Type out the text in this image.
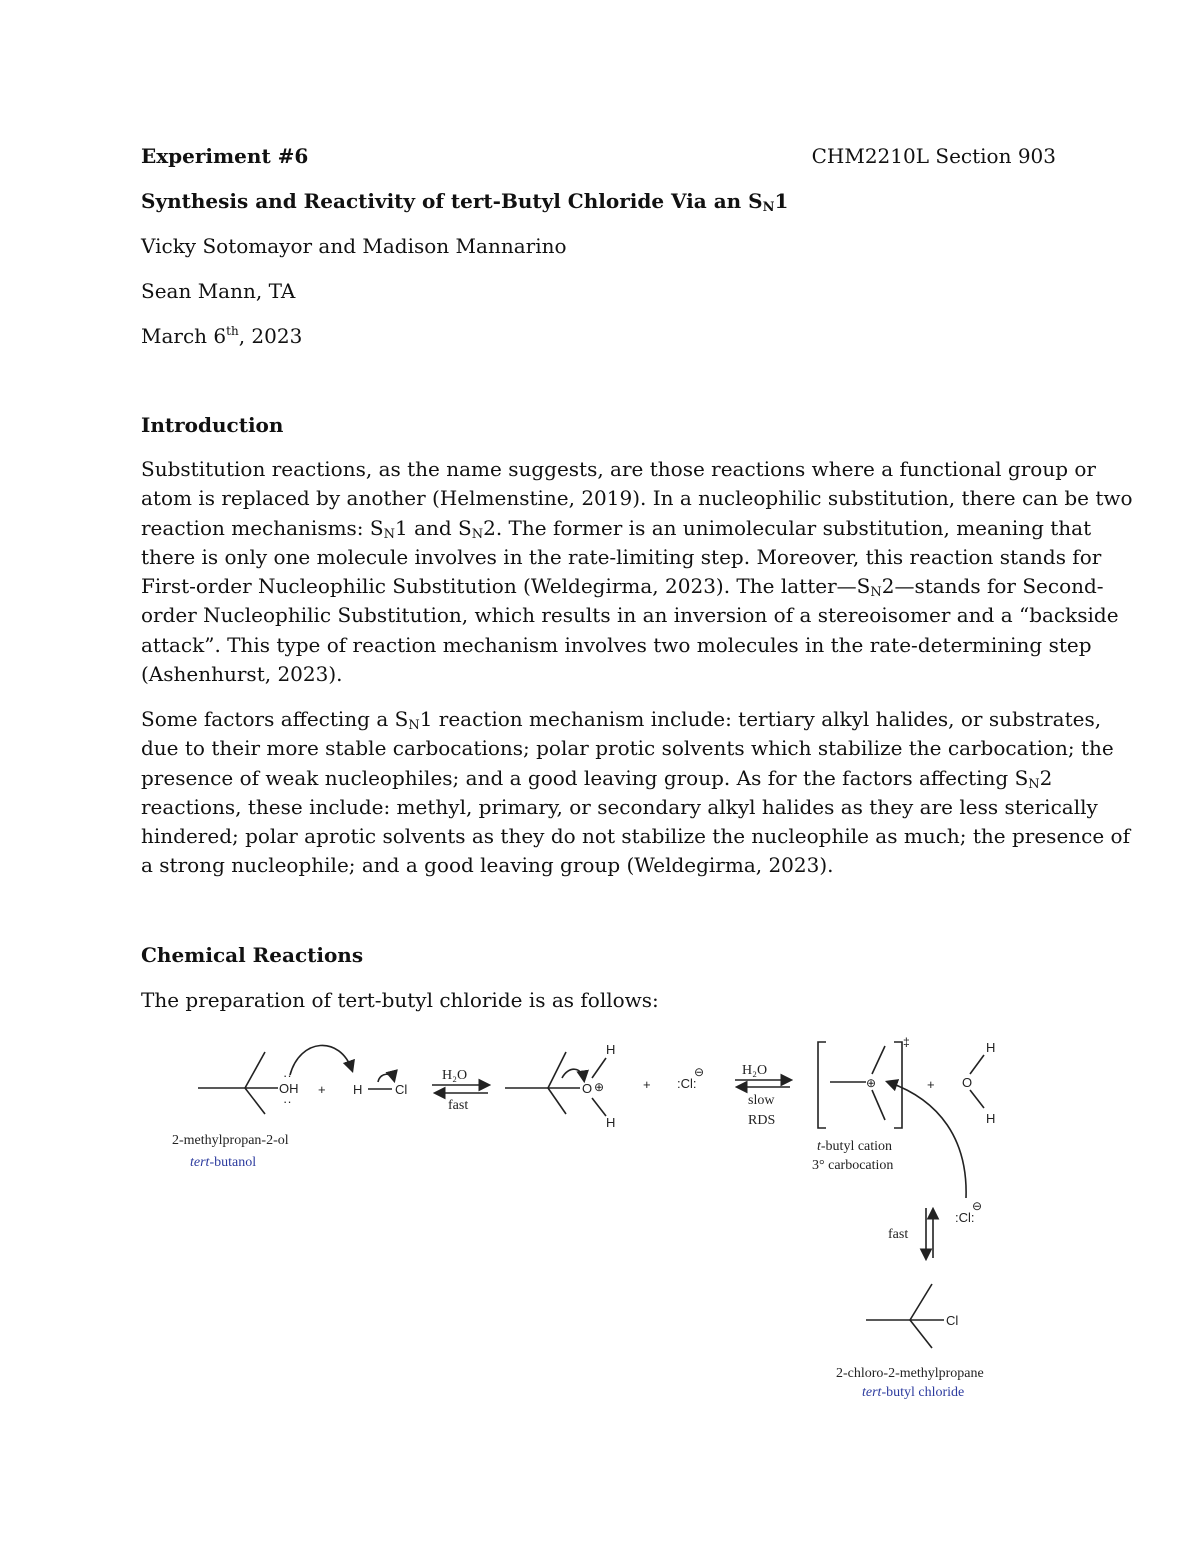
Experiment #6	CHM2210L Section 903
Synthesis and Reactivity of tert-Butyl Chloride Via an $S_N1$
Vicky Sotomayor and Madison Mannarino
Sean Mann, TA
March 6th, 2023
Introduction
Substitution reactions, as the name suggests, are those reactions where a functional group or
atom is replaced by another (Helmenstine, 2019). In a nucleophilic substitution, there can be two
reaction mechanisms: $S_N1$ and $S_N2$. The former is an unimolecular substitution, meaning that
there is only one molecule involves in the rate-limiting step. Moreover, this reaction stands for
First-order Nucleophilic Substitution (Weldegirma, 2023). The $latter—S_N2—stands$ for Second-
order Nucleophilic Substitution, which results in an inversion of a stereoisomer and a “backside
attack”. This type of reaction mechanism involves two molecules in the rate-determining step
(Ashenhurst, 2023).
Some factors affecting a $S_N1$ reaction mechanism include: tertiary alkyl halides, or substrates,
due to their more stable carbocations; polar protic solvents which stabilize the carbocation; the
presence of weak nucleophiles; and a good leaving group. As for the factors affecting $S_N2$
reactions, these include: methyl, primary, or secondary alkyl halides as they are less sterically
hindered; polar aprotic solvents as they do not stabilize the nucleophile as much; the presence of
a strong nucleophile; and a good leaving group (Weldegirma, 2023).
Chemical Reactions
The preparation of tert-butyl chloride is as follows:
OH
··
··
+ H	Cl
H₂O
fast
O ⊕
H
H
+ :Cl:
⊖	H₂O
slow
RDS
⊕
‡
+ O
H
H
:Cl:
⊖
fast
Cl
2-methylpropan-2-ol
tert-butanol
t-butyl cation
3° carbocation
2-chloro-2-methylpropane
tert-butyl chloride
